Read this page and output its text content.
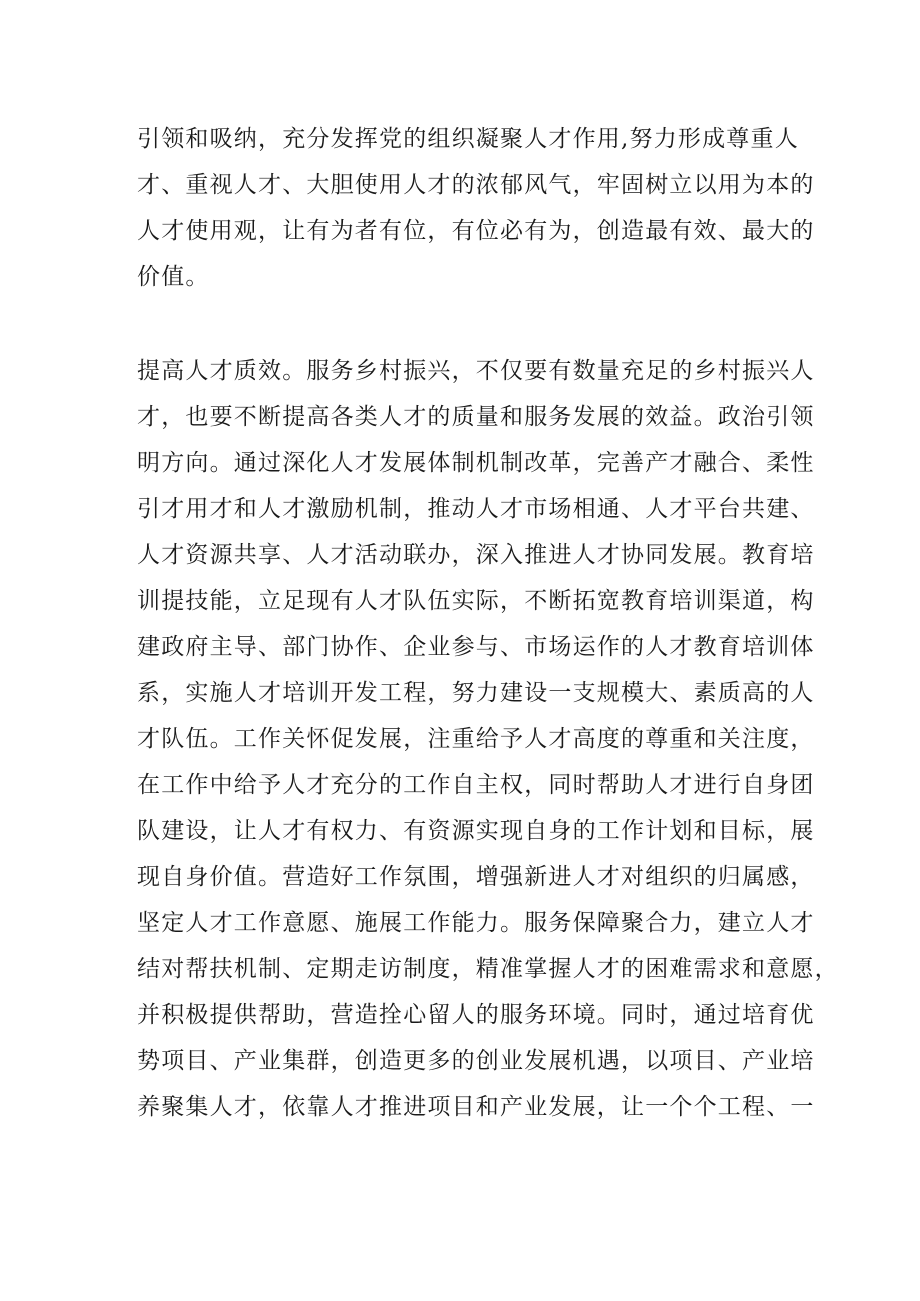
引领和吸纳，充分发挥党的组织凝聚人才作用,努力形成尊重人
才、重视人才、大胆使用人才的浓郁风气，牢固树立以用为本的
人才使用观，让有为者有位，有位必有为，创造最有效、最大的
价值。
提高人才质效。服务乡村振兴，不仅要有数量充足的乡村振兴人
才，也要不断提高各类人才的质量和服务发展的效益。政治引领
明方向。通过深化人才发展体制机制改革，完善产才融合、柔性
引才用才和人才激励机制，推动人才市场相通、人才平台共建、
人才资源共享、人才活动联办，深入推进人才协同发展。教育培
训提技能，立足现有人才队伍实际，不断拓宽教育培训渠道，构
建政府主导、部门协作、企业参与、市场运作的人才教育培训体
系，实施人才培训开发工程，努力建设一支规模大、素质高的人
才队伍。工作关怀促发展，注重给予人才高度的尊重和关注度，
在工作中给予人才充分的工作自主权，同时帮助人才进行自身团
队建设，让人才有权力、有资源实现自身的工作计划和目标，展
现自身价值。营造好工作氛围，增强新进人才对组织的归属感，
坚定人才工作意愿、施展工作能力。服务保障聚合力，建立人才
结对帮扶机制、定期走访制度，精准掌握人才的困难需求和意愿，
并积极提供帮助，营造拴心留人的服务环境。同时，通过培育优
势项目、产业集群，创造更多的创业发展机遇，以项目、产业培
养聚集人才，依靠人才推进项目和产业发展，让一个个工程、一
